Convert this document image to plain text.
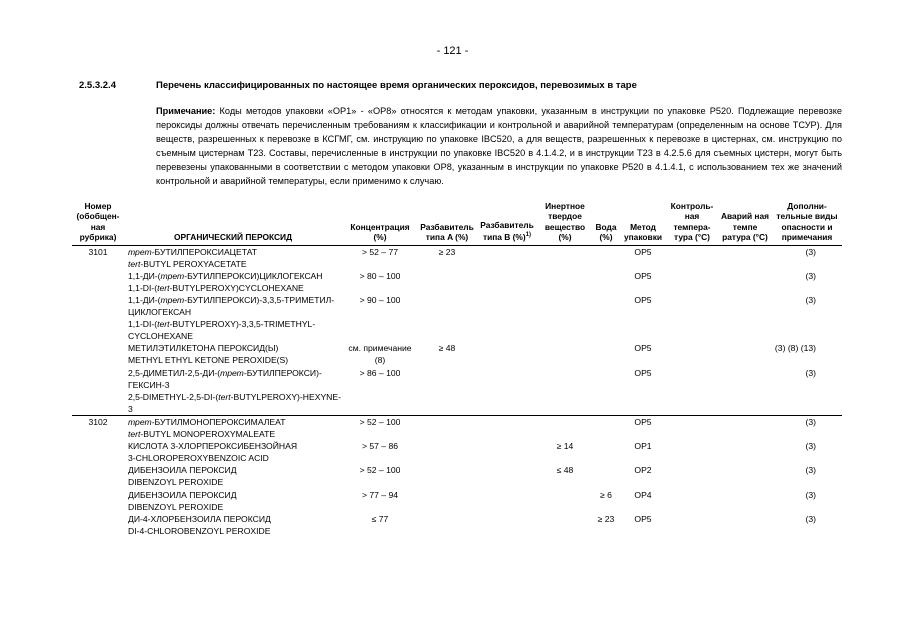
- 121 -
2.5.3.2.4	Перечень классифицированных по настоящее время органических пероксидов, перевозимых в таре
Примечание: Коды методов упаковки «OP1» - «OP8» относятся к методам упаковки, указанным в инструкции по упаковке P520. Подлежащие перевозке пероксиды должны отвечать перечисленным требованиям к классификации и контрольной и аварийной температурам (определенным на основе ТСУР). Для веществ, разрешенных к перевозке в КСГМГ, см. инструкцию по упаковке IBC520, а для веществ, разрешенных к перевозке в цистернах, см. инструкцию по съемным цистернам T23. Составы, перечисленные в инструкции по упаковке IBC520 в 4.1.4.2, и в инструкции T23 в 4.2.5.6 для съемных цистерн, могут быть перевезены упакованными в соответствии с методом упаковки OP8, указанным в инструкции по упаковке P520 в 4.1.4.1, с использованием тех же значений контрольной и аварийной температуры, если применимо к случаю.
Номер (обобщен-ная рубрика)	ОРГАНИЧЕСКИЙ ПЕРОКСИД	Концентрация (%)	Разбавитель типа A (%)	Разбавитель типа B (%)$^{1)}$	Инертное твердое вещество (%)	Вода (%)	Метод упаковки	Контроль-ная темпера-тура (°C)	Аварий ная темпе ратура (°C)	Дополни-тельные виды опасности и примечания
3101	трет-БУТИЛПЕРОКСИАЦЕТАТ
tert-BUTYL PEROXYACETATE	> 52 – 77	≥ 23				OP5			(3)

	1,1-ДИ-(трет-БУТИЛПЕРОКСИ)ЦИКЛОГЕКСАН
1,1-DI-(tert-BUTYLPEROXY)CYCLOHEXANE	> 80 – 100					OP5			(3)

	1,1-ДИ-(трет-БУТИЛПЕРОКСИ)-3,3,5-ТРИМЕТИЛ-ЦИКЛОГЕКСАН
1,1-DI-(tert-BUTYLPEROXY)-3,3,5-TRIMETHYL-CYCLOHEXANE	> 90 – 100					OP5			(3)

	МЕТИЛЭТИЛКЕТОНА ПЕРОКСИД(Ы)
METHYL ETHYL KETONE PEROXIDE(S)	см. примечание (8)	≥ 48				OP5			(3) (8) (13)

	2,5-ДИМЕТИЛ-2,5-ДИ-(трет-БУТИЛПЕРОКСИ)-ГЕКСИН-3
2,5-DIMETHYL-2,5-DI-(tert-BUTYLPEROXY)-HEXYNE-3	> 86 – 100					OP5			(3)
3102	трет-БУТИЛМОНОПЕРОКСИМАЛЕАТ
tert-BUTYL MONOPEROXYMALEATE	> 52 – 100					OP5			(3)

	КИСЛОТА 3-ХЛОРПЕРОКСИБЕНЗОЙНАЯ
3-CHLOROPEROXYBENZOIC ACID	> 57 – 86			≥ 14		OP1			(3)

	ДИБЕНЗОИЛА ПЕРОКСИД
DIBENZOYL PEROXIDE	> 52 – 100			≤ 48		OP2			(3)

	ДИБЕНЗОИЛА ПЕРОКСИД
DIBENZOYL PEROXIDE	> 77 – 94				≥ 6	OP4			(3)

	ДИ-4-ХЛОРБЕНЗОИЛА ПЕРОКСИД
DI-4-CHLOROBENZOYL PEROXIDE	≤ 77				≥ 23	OP5			(3)
